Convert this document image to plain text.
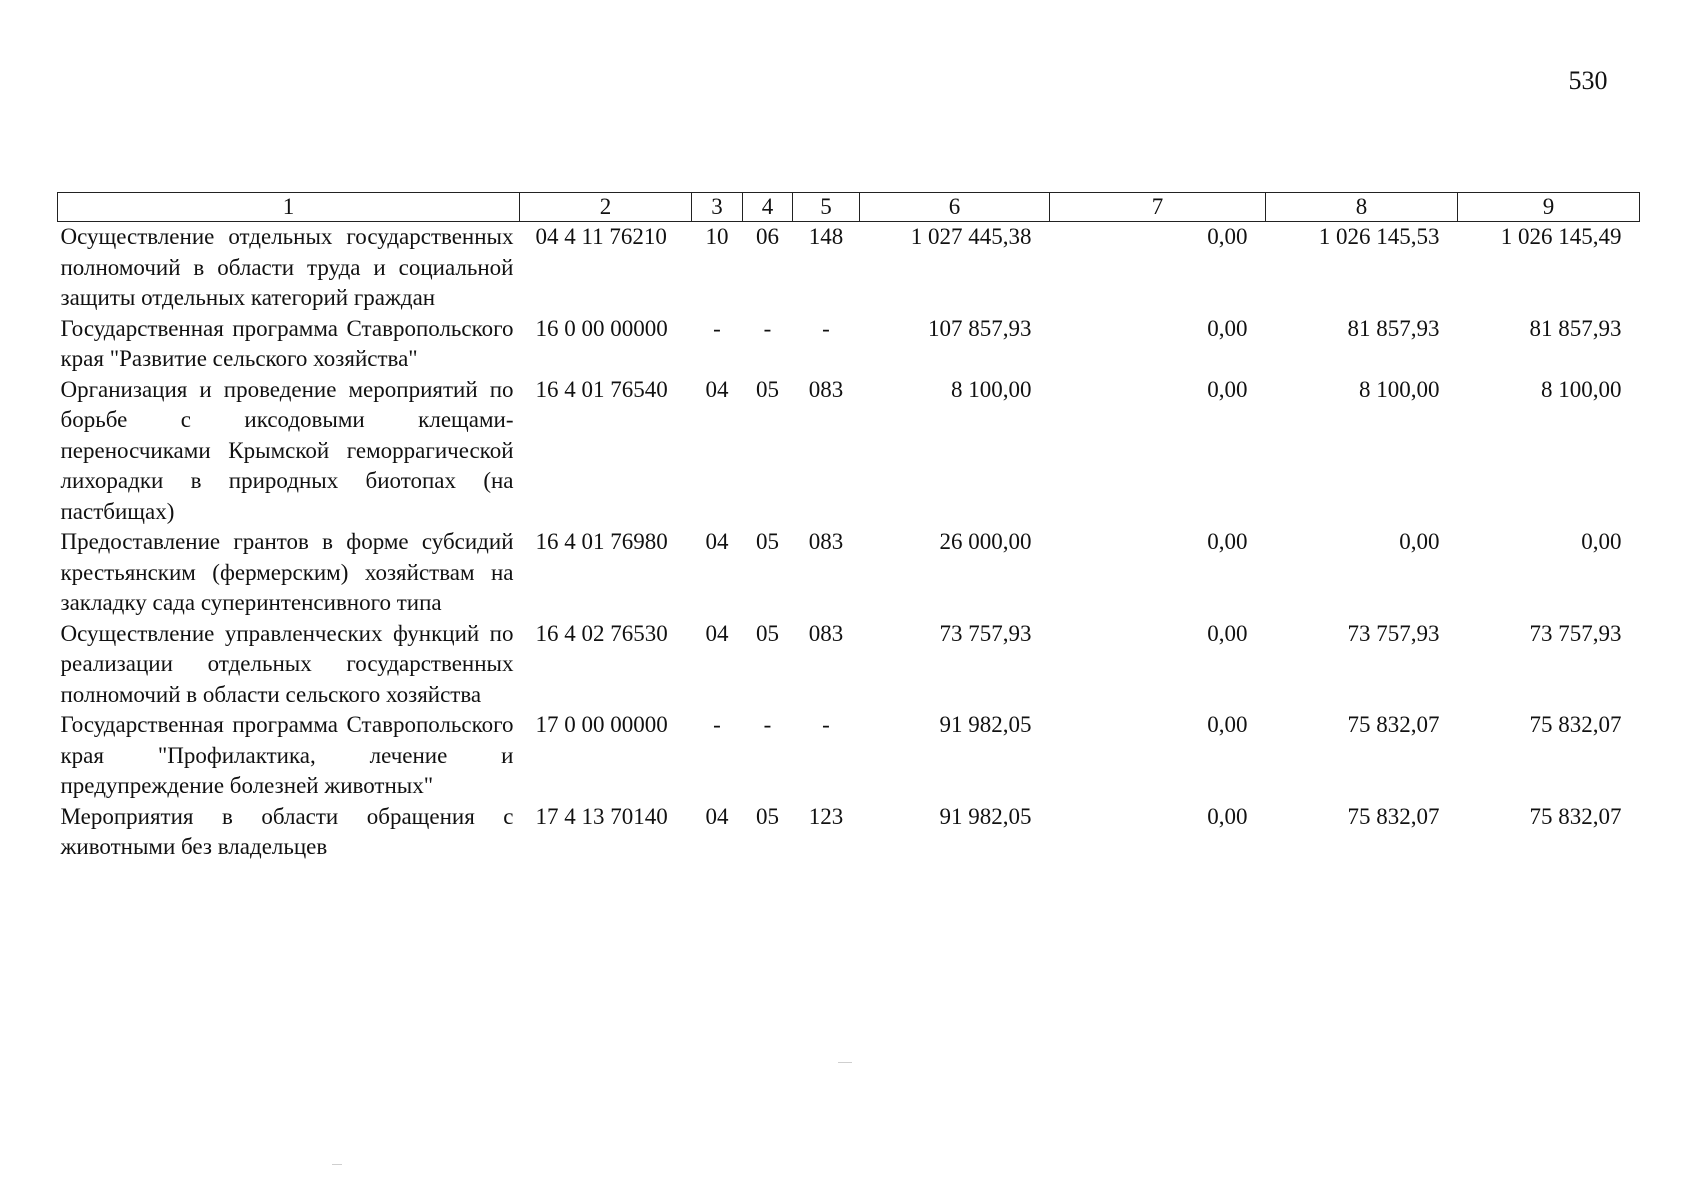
530
1	2	3	4	5	6	7	8	9
Осуществление отдельных государственных полномочий в области труда и социальной защиты отдельных категорий граждан	04 4 11 76210	10	06	148	1 027 445,38	0,00	1 026 145,53	1 026 145,49
Государственная программа Ставропольского края "Развитие сельского хозяйства"	16 0 00 00000	-	-	-	107 857,93	0,00	81 857,93	81 857,93
Организация и проведение мероприятий по борьбе с иксодовыми клещами-переносчиками Крымской геморрагической лихорадки в природных биотопах (на пастбищах)	16 4 01 76540	04	05	083	8 100,00	0,00	8 100,00	8 100,00
Предоставление грантов в форме субсидий крестьянским (фермерским) хозяйствам на закладку сада суперинтенсивного типа	16 4 01 76980	04	05	083	26 000,00	0,00	0,00	0,00
Осуществление управленческих функций по реализации отдельных государственных полномочий в области сельского хозяйства	16 4 02 76530	04	05	083	73 757,93	0,00	73 757,93	73 757,93
Государственная программа Ставропольского края "Профилактика, лечение и предупреждение болезней животных"	17 0 00 00000	-	-	-	91 982,05	0,00	75 832,07	75 832,07
Мероприятия в области обращения с животными без владельцев	17 4 13 70140	04	05	123	91 982,05	0,00	75 832,07	75 832,07
